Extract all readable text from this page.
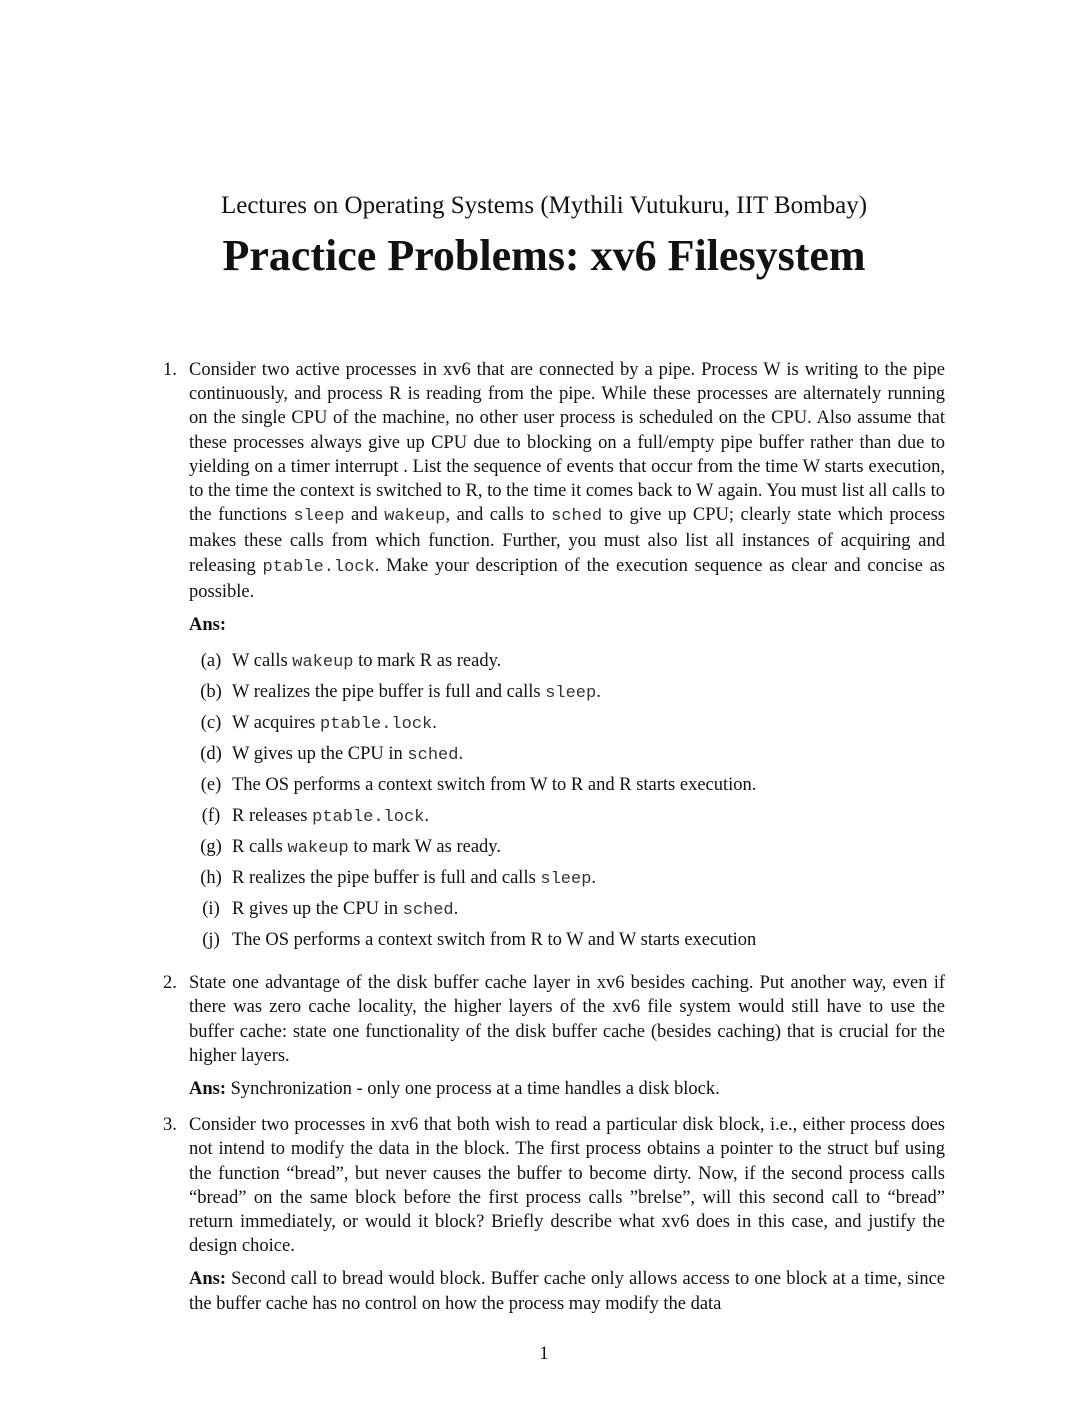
Lectures on Operating Systems (Mythili Vutukuru, IIT Bombay)
Practice Problems: xv6 Filesystem
1. Consider two active processes in xv6 that are connected by a pipe. Process W is writing to the pipe continuously, and process R is reading from the pipe. While these processes are alternately running on the single CPU of the machine, no other user process is scheduled on the CPU. Also assume that these processes always give up CPU due to blocking on a full/empty pipe buffer rather than due to yielding on a timer interrupt . List the sequence of events that occur from the time W starts execution, to the time the context is switched to R, to the time it comes back to W again. You must list all calls to the functions sleep and wakeup, and calls to sched to give up CPU; clearly state which process makes these calls from which function. Further, you must also list all instances of acquiring and releasing ptable.lock. Make your description of the execution sequence as clear and concise as possible.

Ans:

(a) W calls wakeup to mark R as ready.
(b) W realizes the pipe buffer is full and calls sleep.
(c) W acquires ptable.lock.
(d) W gives up the CPU in sched.
(e) The OS performs a context switch from W to R and R starts execution.
(f) R releases ptable.lock.
(g) R calls wakeup to mark W as ready.
(h) R realizes the pipe buffer is full and calls sleep.
(i) R gives up the CPU in sched.
(j) The OS performs a context switch from R to W and W starts execution
2. State one advantage of the disk buffer cache layer in xv6 besides caching. Put another way, even if there was zero cache locality, the higher layers of the xv6 file system would still have to use the buffer cache: state one functionality of the disk buffer cache (besides caching) that is crucial for the higher layers.

Ans: Synchronization - only one process at a time handles a disk block.

3. Consider two processes in xv6 that both wish to read a particular disk block, i.e., either process does not intend to modify the data in the block. The first process obtains a pointer to the struct buf using the function “bread”, but never causes the buffer to become dirty. Now, if the second process calls “bread” on the same block before the first process calls ”brelse”, will this second call to “bread” return immediately, or would it block? Briefly describe what xv6 does in this case, and justify the design choice.

Ans: Second call to bread would block. Buffer cache only allows access to one block at a time, since the buffer cache has no control on how the process may modify the data

1
